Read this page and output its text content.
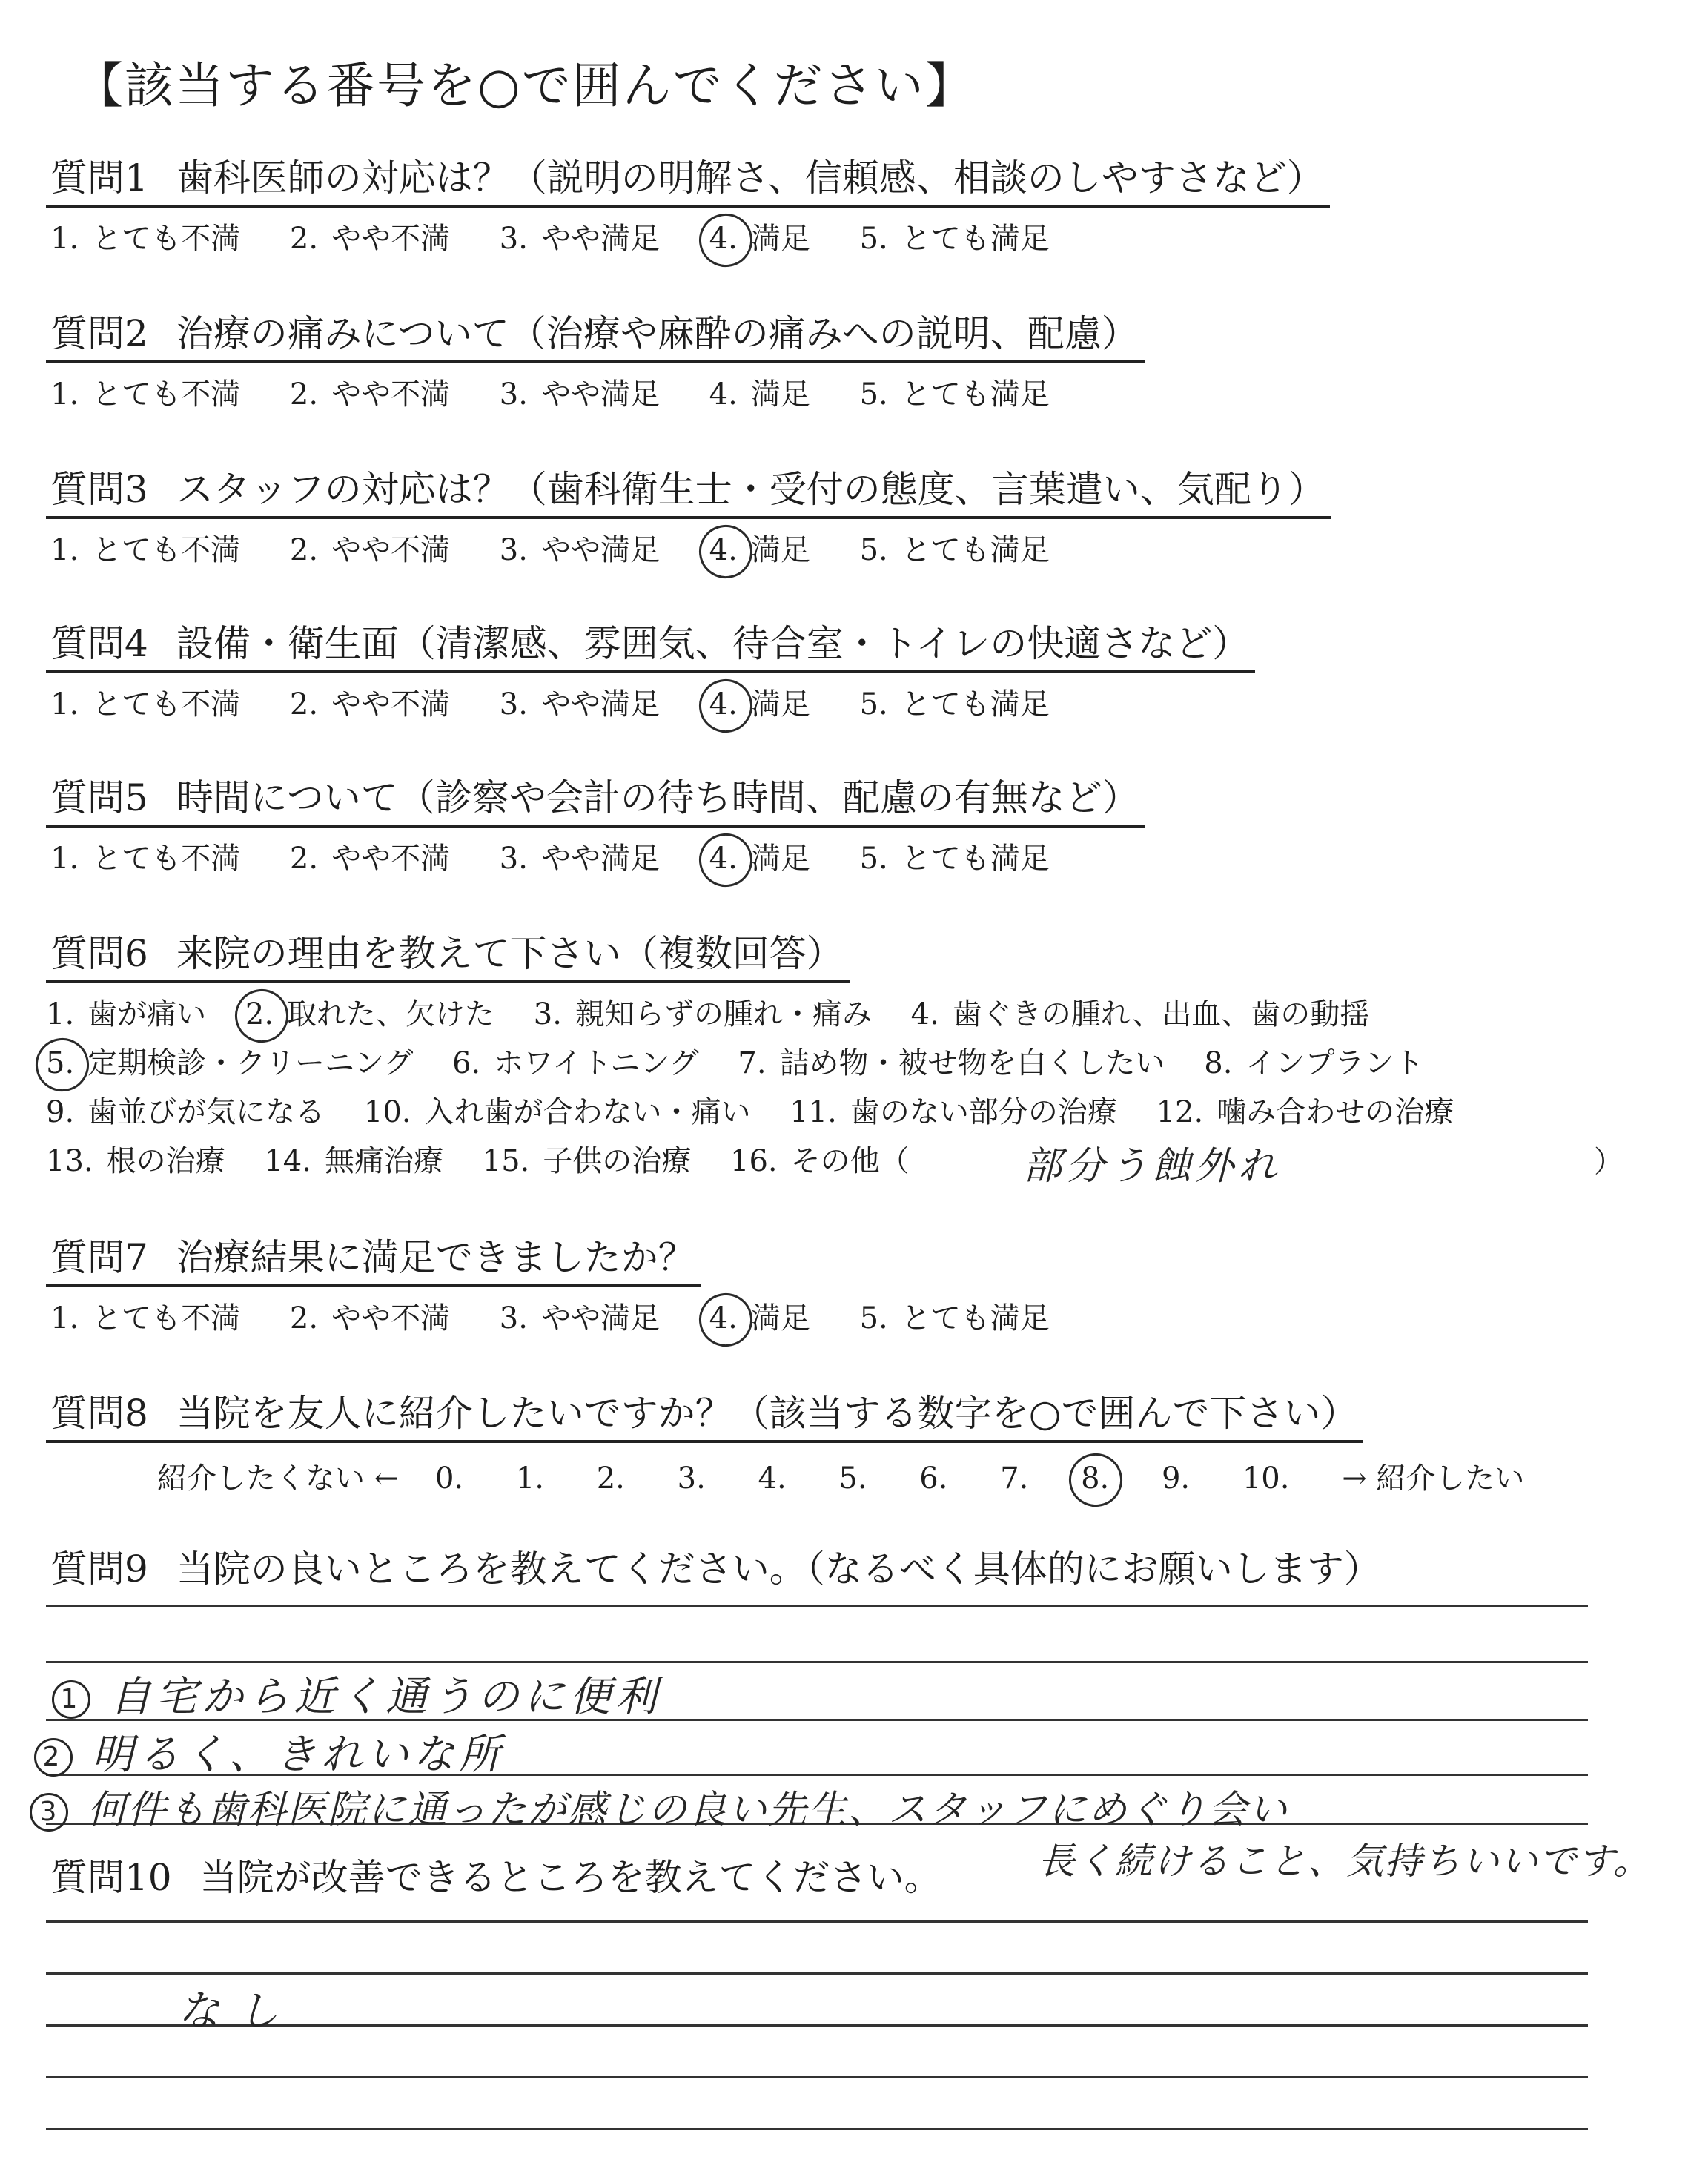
【該当する番号を○で囲んでください】
質問1 歯科医師の対応は？（説明の明解さ、信頼感、相談のしやすさなど）
1. とても不満 2. やや不満 3. やや満足 4. 満足 5. とても満足
質問2 治療の痛みについて（治療や麻酔の痛みへの説明、配慮）
1. とても不満 2. やや不満 3. やや満足 4. 満足 5. とても満足
質問3 スタッフの対応は？（歯科衛生士・受付の態度、言葉遣い、気配り）
1. とても不満 2. やや不満 3. やや満足 4. 満足 5. とても満足
質問4 設備・衛生面（清潔感、雰囲気、待合室・トイレの快適さなど）
1. とても不満 2. やや不満 3. やや満足 4. 満足 5. とても満足
質問5 時間について（診察や会計の待ち時間、配慮の有無など）
1. とても不満 2. やや不満 3. やや満足 4. 満足 5. とても満足
質問6 来院の理由を教えて下さい（複数回答）
1. 歯が痛い 2. 取れた、欠けた 3. 親知らずの腫れ・痛み 4. 歯ぐきの腫れ、出血、歯の動揺
5. 定期検診・クリーニング 6. ホワイトニング 7. 詰め物・被せ物を白くしたい 8. インプラント
9. 歯並びが気になる 10. 入れ歯が合わない・痛い 11. 歯のない部分の治療 12. 噛み合わせの治療
13. 根の治療 14. 無痛治療 15. 子供の治療 16. その他（	部分う蝕外れ	）
質問7 治療結果に満足できましたか？
1. とても不満 2. やや不満 3. やや満足 4. 満足 5. とても満足
質問8 当院を友人に紹介したいですか？（該当する数字を○で囲んで下さい）
紹介したくない ← 0. 1. 2. 3. 4. 5. 6. 7. 8. 9. 10. → 紹介したい
質問9 当院の良いところを教えてください。（なるべく具体的にお願いします）
1 自宅から近く通うのに便利
2 明るく、きれいな所
3 何件も歯科医院に通ったが感じの良い先生、スタッフにめぐり会い
長く続けること、気持ちいいです。
質問10 当院が改善できるところを教えてください。
なし
